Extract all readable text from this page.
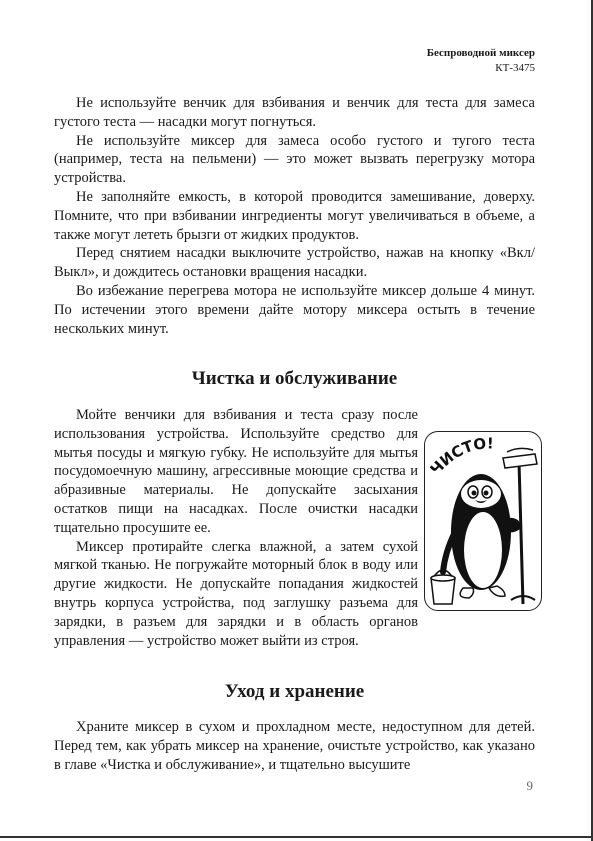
Беспроводной миксер
КТ-3475

Не используйте венчик для взбивания и венчик для теста для замеса густого теста — насадки могут погнуться.

Не используйте миксер для замеса особо густого и тугого теста (например, теста на пельмени) — это может вызвать перегрузку мотора устройства.

Не заполняйте емкость, в которой проводится замешивание, доверху. Помните, что при взбивании ингредиенты могут увеличиваться в объеме, а также могут лететь брызги от жидких продуктов.

Перед снятием насадки выключите устройство, нажав на кнопку «Вкл/Выкл», и дождитесь остановки вращения насадки.

Во избежание перегрева мотора не используйте миксер дольше 4 минут. По истечении этого времени дайте мотору миксера остыть в течение нескольких минут.

Чистка и обслуживание

Мойте венчики для взбивания и теста сразу после использования устройства. Используйте средство для мытья посуды и мягкую губку. Не используйте для мытья посудомоечную машину, агрессивные моющие средства и абразивные материалы. Не допускайте засыхания остатков пищи на насадках. После очистки насадки тщательно просушите ее.

Миксер протирайте слегка влажной, а затем сухой мягкой тканью. Не погружайте моторный блок в воду или другие жидкости. Не допускайте попадания жидкостей внутрь корпуса устройства, под заглушку разъема для зарядки, в разъем для зарядки и в область органов управления — устройство может выйти из строя.

ЧИСТО!
Уход и хранение

Храните миксер в сухом и прохладном месте, недоступном для детей. Перед тем, как убрать миксер на хранение, очистьте устройство, как указано в главе «Чистка и обслуживание», и тщательно высушите

9
